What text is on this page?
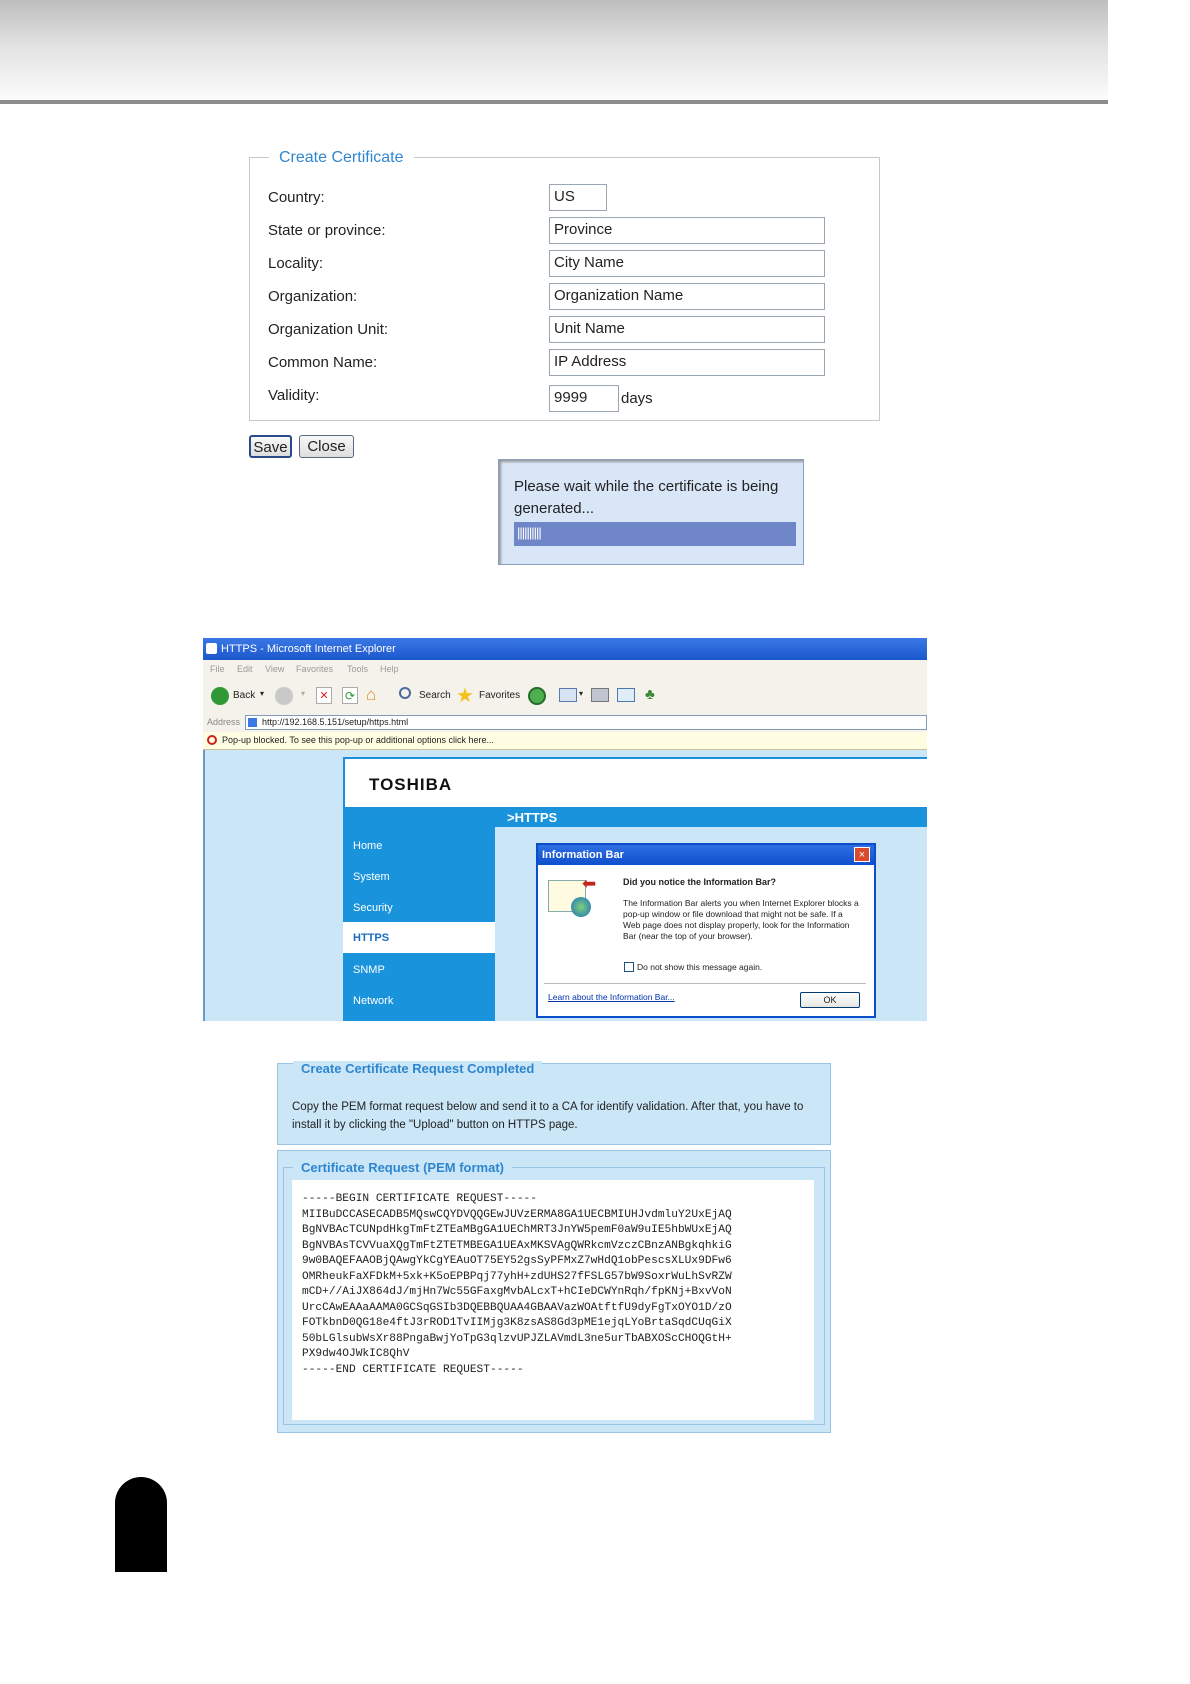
Create Certificate
Country:	US
State or province:	Province
Locality:	City Name
Organization:	Organization Name
Organization Unit:	Unit Name
Common Name:	IP Address
Validity:	9999	days
Save	Close
Please wait while the certificate is being
generated...
||||||||||
HTTPS - Microsoft Internet Explorer
File Edit View Favorites Tools Help
Back ▾	▾	✕ ⟳ ⌂	Search ★ Favorites	▾	♣
Address	http://192.168.5.151/setup/https.html
Pop-up blocked. To see this pop-up or additional options click here...
TOSHIBA
>HTTPS
Home
System
Security
HTTPS
SNMP
Network
Information Bar	×
⬅	Did you notice the Information Bar?
The Information Bar alerts you when Internet Explorer blocks a
pop-up window or file download that might not be safe. If a
Web page does not display properly, look for the Information
Bar (near the top of your browser).
Do not show this message again.
Learn about the Information Bar...	OK
Create Certificate Request Completed
Copy the PEM format request below and send it to a CA for identify validation. After that, you have to
install it by clicking the "Upload" button on HTTPS page.
Certificate Request (PEM format)
-----BEGIN CERTIFICATE REQUEST-----
MIIBuDCCASECADB5MQswCQYDVQQGEwJUVzERMA8GA1UECBMIUHJvdmluY2UxEjAQ
BgNVBAcTCUNpdHkgTmFtZTEaMBgGA1UEChMRT3JnYW5pemF0aW9uIE5hbWUxEjAQ
BgNVBAsTCVVuaXQgTmFtZTETMBEGA1UEAxMKSVAgQWRkcmVzczCBnzANBgkqhkiG
9w0BAQEFAAOBjQAwgYkCgYEAuOT75EY52gsSyPFMxZ7wHdQ1obPescsXLUx9DFw6
OMRheukFaXFDkM+5xk+K5oEPBPqj77yhH+zdUHS27fFSLG57bW9SoxrWuLhSvRZW
mCD+//AiJX864dJ/mjHn7Wc55GFaxgMvbALcxT+hCIeDCWYnRqh/fpKNj+BxvVoN
UrcCAwEAAaAAMA0GCSqGSIb3DQEBBQUAA4GBAAVazWOAtftfU9dyFgTxOYO1D/zO
FOTkbnD0QG18e4ftJ3rROD1TvIIMjg3K8zsAS8Gd3pME1ejqLYoBrtaSqdCUqGiX
50bLGlsubWsXr88PngaBwjYoTpG3qlzvUPJZLAVmdL3ne5urTbABXOScCHOQGtH+
PX9dw4OJWkIC8QhV
-----END CERTIFICATE REQUEST-----
